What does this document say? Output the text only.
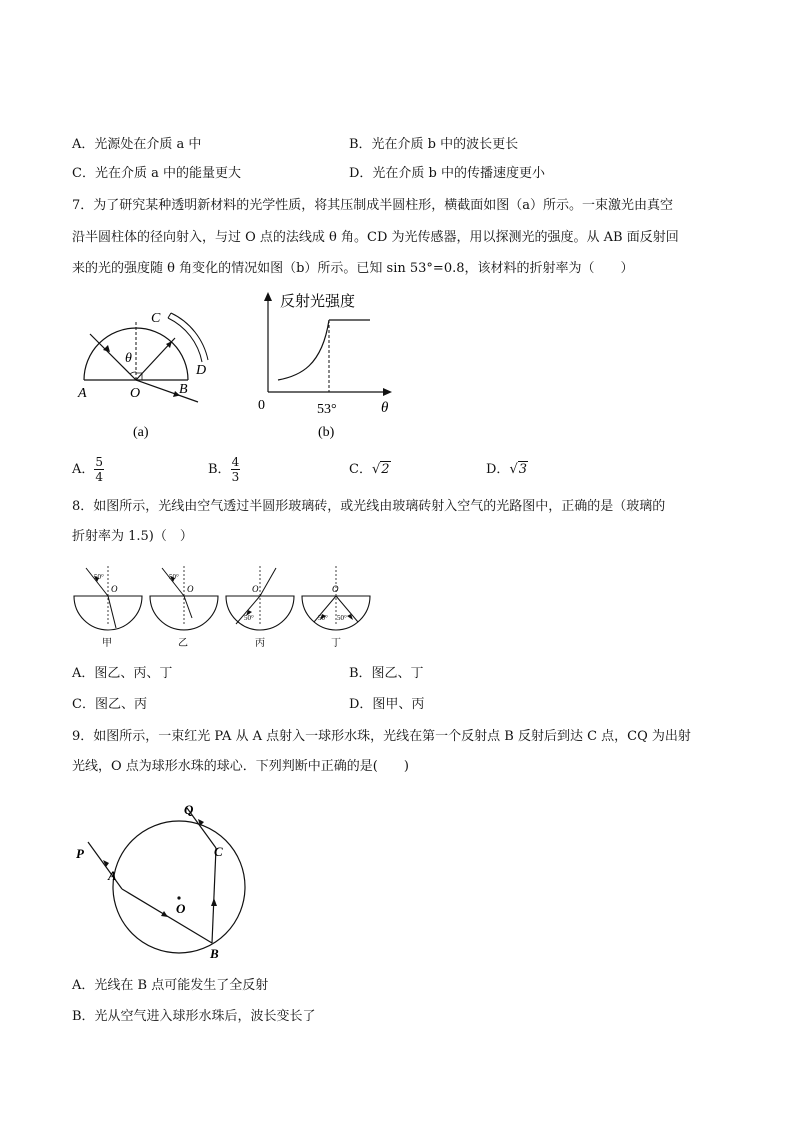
A．光源处在介质 a 中	B．光在介质 b 中的波长更长
C．光在介质 a 中的能量更大	D．光在介质 b 中的传播速度更小
7．为了研究某种透明新材料的光学性质，将其压制成半圆柱形，横截面如图（a）所示。一束激光由真空
沿半圆柱体的径向射入，与过 O 点的法线成 θ 角。CD 为光传感器，用以探测光的强度。从 AB 面反射回
来的光的强度随 θ 角变化的情况如图（b）所示。已知 sin 53°=0.8，该材料的折射率为（　　）
θ
A	O	B
C
D
(a)
反射光强度
0	53°	θ
(b)
A． $\frac{5}{4}$	B． $\frac{4}{3}$	C．√2	D．√3
8．如图所示，光线由空气透过半圆形玻璃砖，或光线由玻璃砖射入空气的光路图中，正确的是（玻璃的
折射率为 1.5)（　）
50°
O
甲
50°
O
乙
50°
O
丙
50° 50°
O
丁
A．图乙、丙、丁	B．图乙、丁
C．图乙、丙	D．图甲、丙
9．如图所示，一束红光 PA 从 A 点射入一球形水珠，光线在第一个反射点 B 反射后到达 C 点，CQ 为出射
光线，O 点为球形水珠的球心．下列判断中正确的是(　　)
P
A
B
C
Q
O
A．光线在 B 点可能发生了全反射
B．光从空气进入球形水珠后，波长变长了
